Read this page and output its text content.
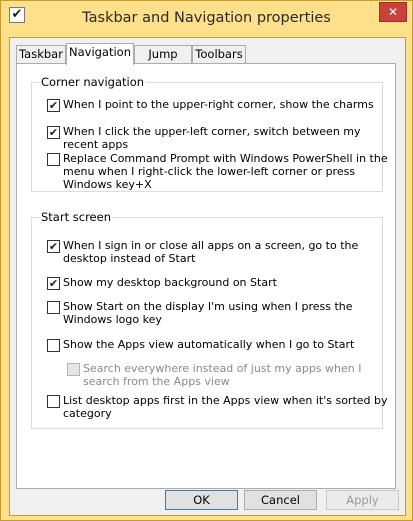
✔	Taskbar and Navigation properties	✕
Taskbar Navigation	Jump	Toolbars
Corner navigation
✔ When I point to the upper-right corner, show the charms
✔ When I click the upper-left corner, switch between my recent apps
Replace Command Prompt with Windows PowerShell in the menu when I right-click the lower-left corner or press Windows key+X
Start screen
✔ When I sign in or close all apps on a screen, go to the desktop instead of Start
✔ Show my desktop background on Start
Show Start on the display I'm using when I press the Windows logo key
Show the Apps view automatically when I go to Start
Search everywhere instead of just my apps when I search from the Apps view
List desktop apps first in the Apps view when it's sorted by category
OK	Cancel	Apply
